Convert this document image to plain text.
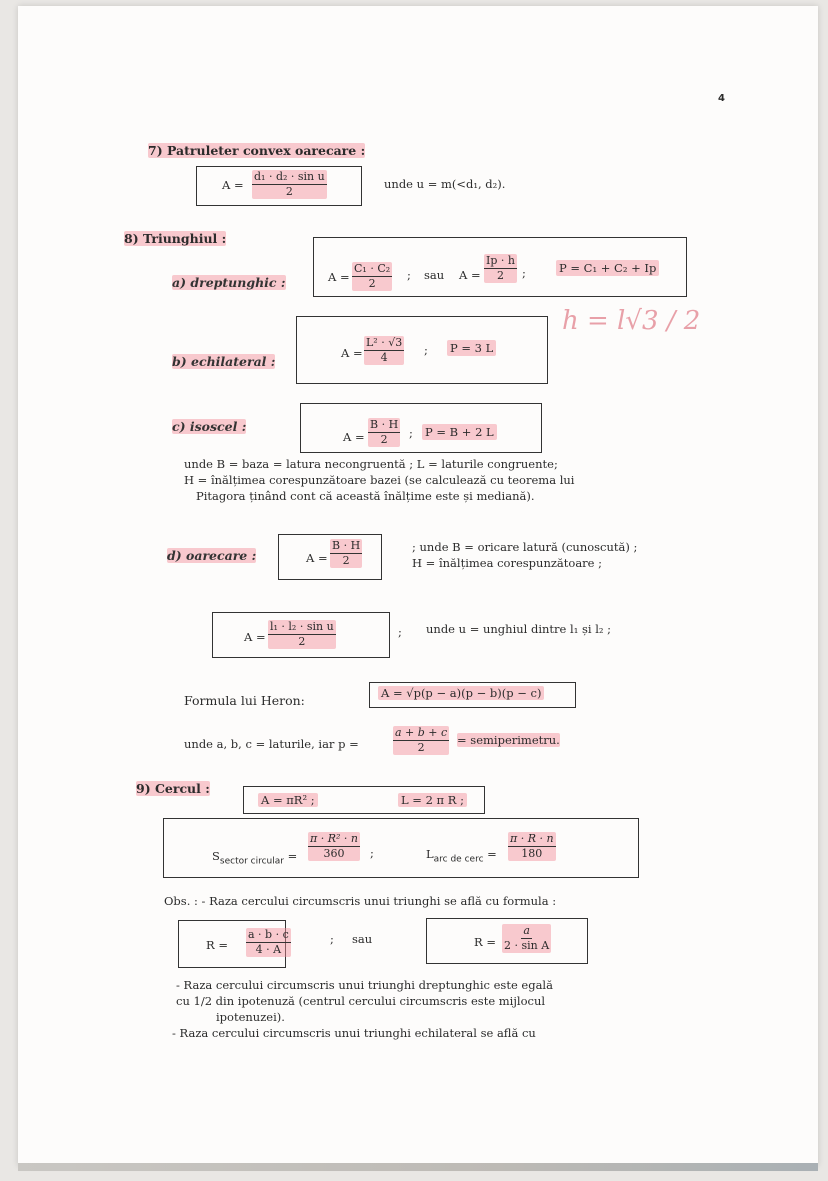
4
7) Patruleter convex oarecare :
$A = \frac{\text{d₁ · d₂ · sin u}}{2}$	unde u = m(<d₁, d₂).
8) Triunghiul :
a) dreptunghic :	$A = \frac{\text{C₁ · C₂}}{2}$ ; sau $A = \frac{Ip \cdot h}{2}$ ;	P = C₁ + C₂ + Ip
b) echilateral :
$A = \frac{\text{L² · √3}}{4}$ ; P = 3 L
h = l√3 / 2
c) isoscel :
$A = \frac{B \cdot H}{2}$ ; P = B + 2 L
unde B = baza = latura necongruentă ; L = laturile congruente;
H = înălțimea corespunzătoare bazei (se calculează cu teorema lui
Pitagora ținând cont că această înălțime este și mediană).
d) oarecare :	$A = \frac{B \cdot H}{2}$	; unde B = oricare latură (cunoscută) ;
H = înălțimea corespunzătoare ;
$A = \frac{\text{l₁ · l₂ · sin u}}{2}$	; unde u = unghiul dintre l₁ și l₂ ;
Formula lui Heron:	A = √p(p − a)(p − b)(p − c)
unde a, b, c = laturile, iar p =	$\frac{a + b + c}{2}$ = semiperimetru.
9) Cercul :
A = πR² ;	L = 2 π R ;
$S_{sector circular} = \frac{\text{π · R² · n}}{360}$ ;	$L_{arc de cerc} = \frac{\pi \cdot R \cdot n}{180}$
Obs. : - Raza cercului circumscris unui triunghi se află cu formula :
$R = \frac{a \cdot b \cdot c}{4 \cdot A}$	; sau	$R = \frac{a}{\text{2 · sin A}}$
- Raza cercului circumscris unui triunghi dreptunghic este egală
cu 1/2 din ipotenuză (centrul cercului circumscris este mijlocul
ipotenuzei).
- Raza cercului circumscris unui triunghi echilateral se află cu
